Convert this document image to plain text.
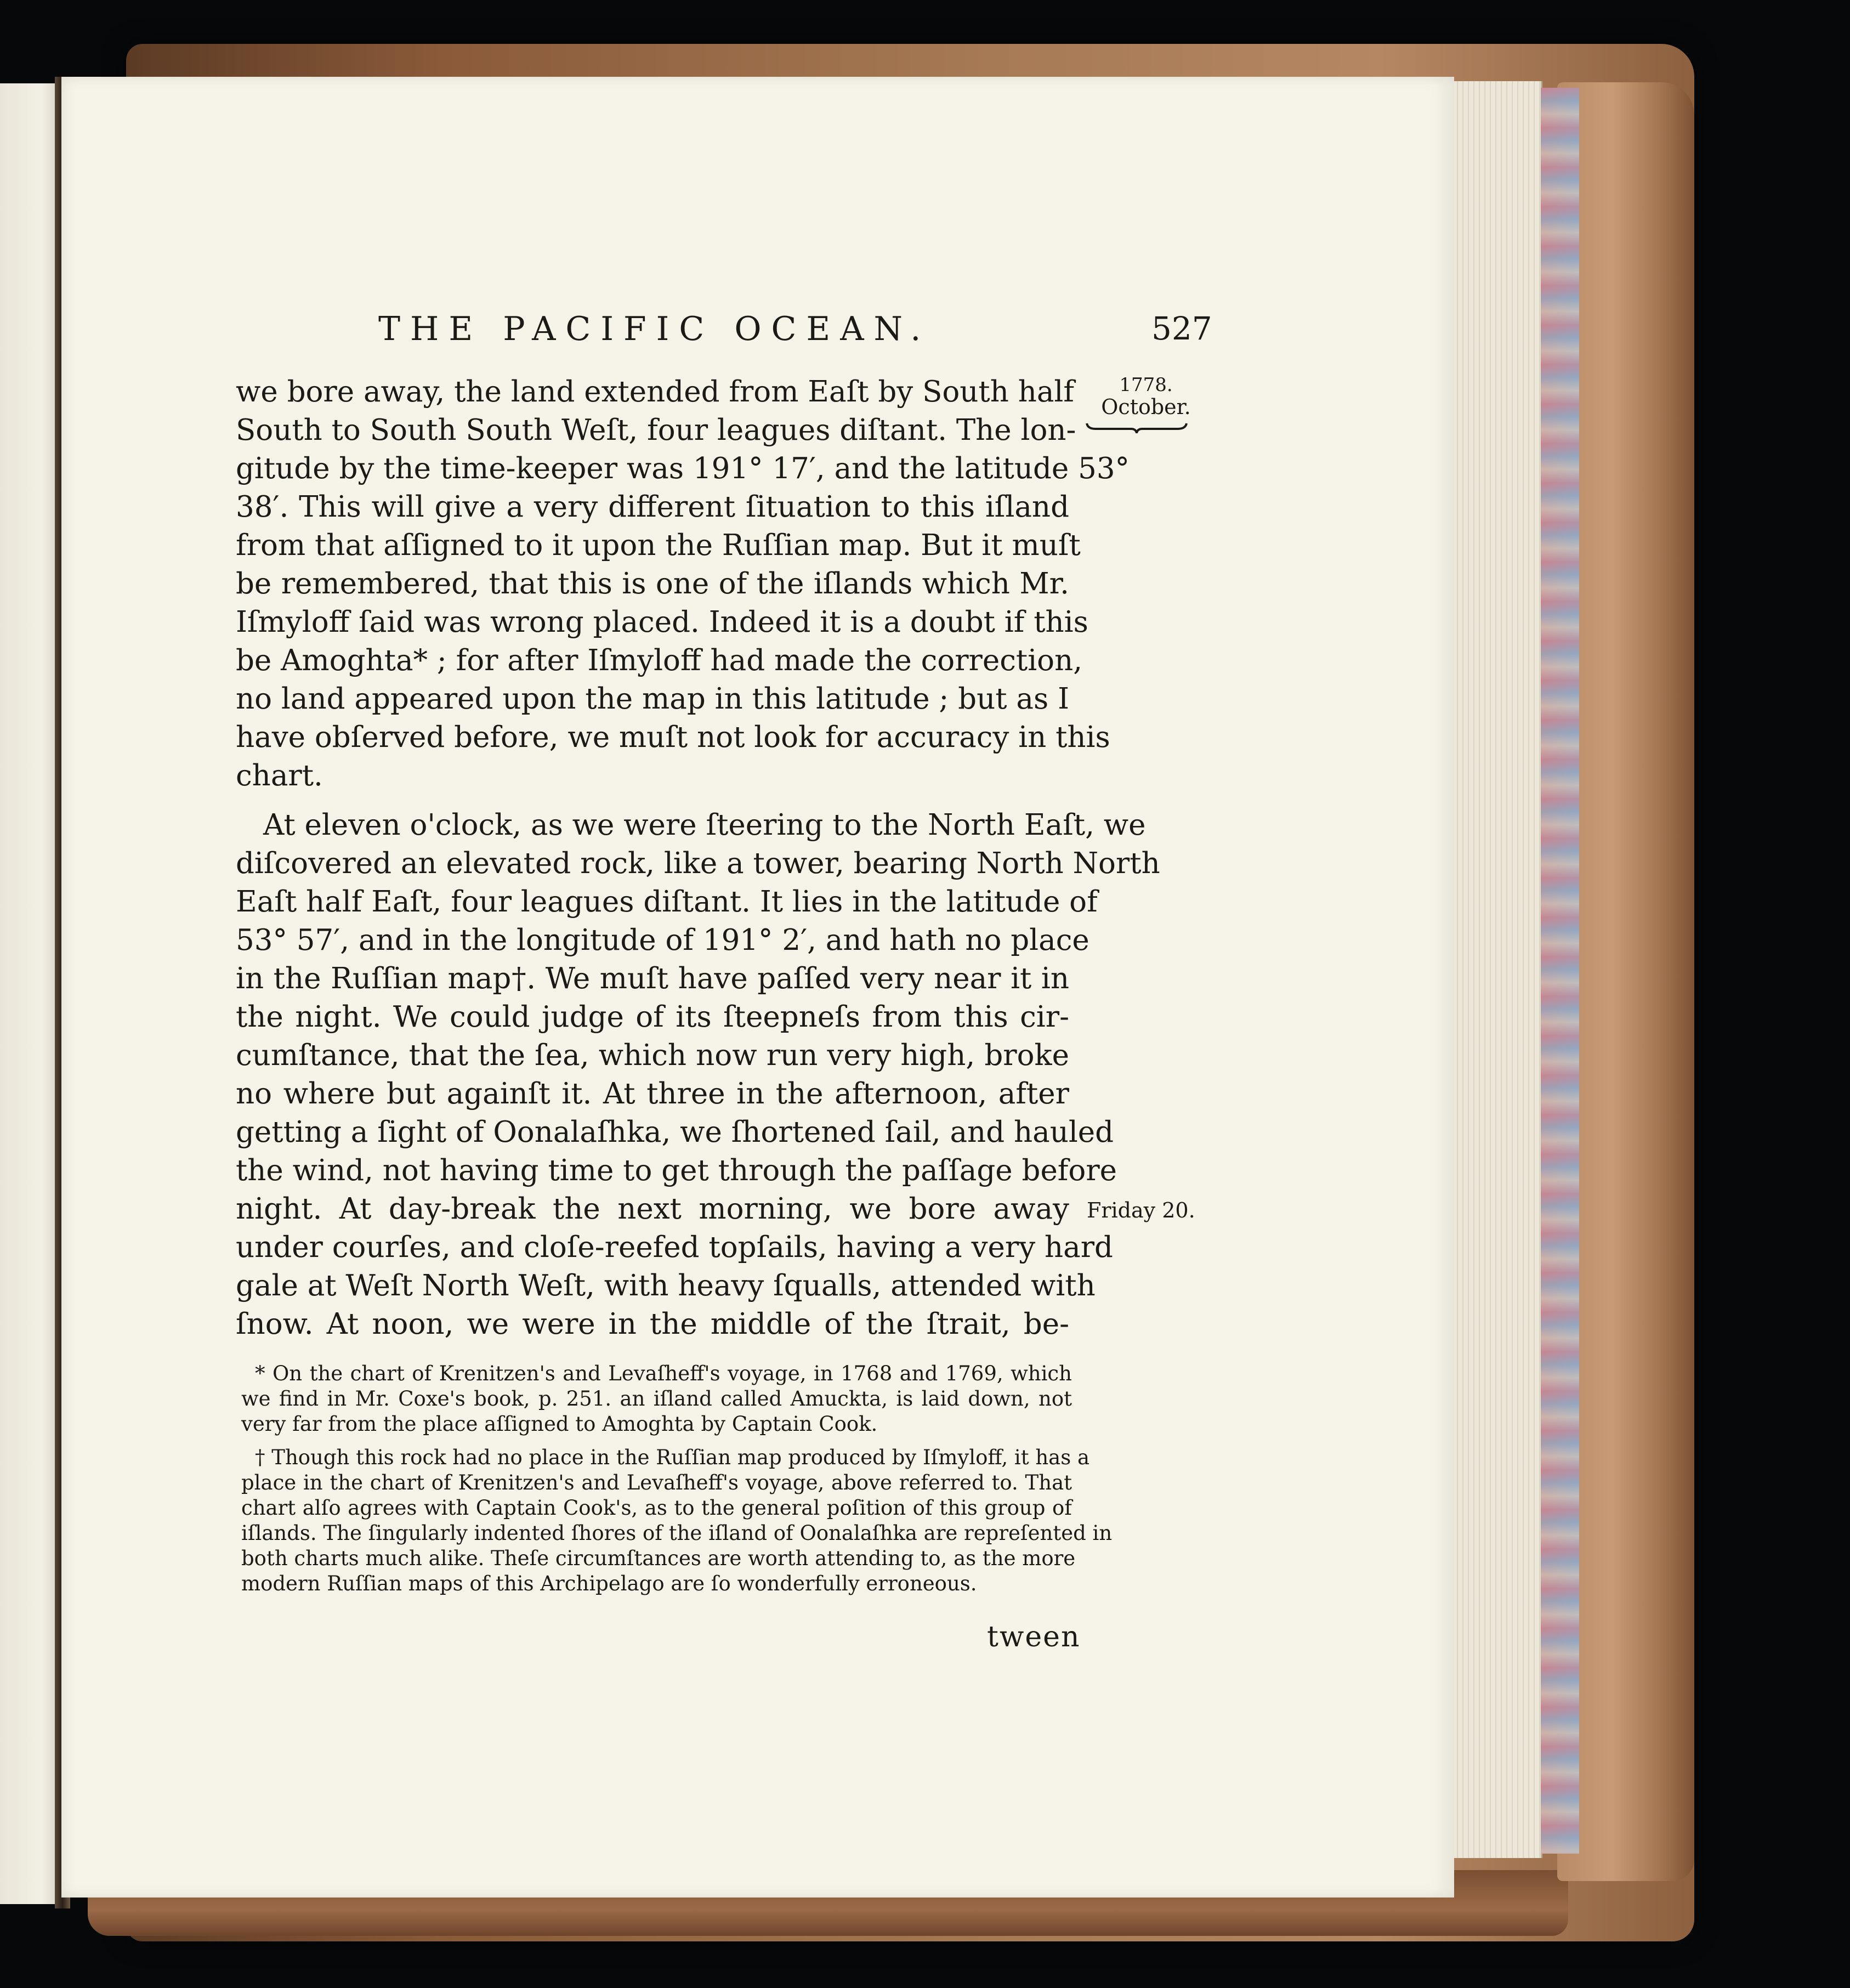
THE PACIFIC OCEAN.	527
1778.
October.
Friday 20.
we bore away, the land extended from Eaſt by South half
South to South South Weſt, four leagues diſtant. The lon-
gitude by the time-keeper was 191° 17′, and the latitude 53°
38′. This will give a very different ſituation to this iſland
from that aſſigned to it upon the Ruſſian map. But it muſt
be remembered, that this is one of the iſlands which Mr.
Iſmyloff ſaid was wrong placed. Indeed it is a doubt if this
be Amoghta* ; for after Iſmyloff had made the correction,
no land appeared upon the map in this latitude ; but as I
have obſerved before, we muſt not look for accuracy in this
chart.
At eleven o'clock, as we were ſteering to the North Eaſt, we
diſcovered an elevated rock, like a tower, bearing North North
Eaſt half Eaſt, four leagues diſtant. It lies in the latitude of
53° 57′, and in the longitude of 191° 2′, and hath no place
in the Ruſſian map†. We muſt have paſſed very near it in
the night. We could judge of its ſteepneſs from this cir-
cumſtance, that the ſea, which now run very high, broke
no where but againſt it. At three in the afternoon, after
getting a ſight of Oonalaſhka, we ſhortened ſail, and hauled
the wind, not having time to get through the paſſage before
night. At day-break the next morning, we bore away
under courſes, and cloſe-reefed topſails, having a very hard
gale at Weſt North Weſt, with heavy ſqualls, attended with
ſnow. At noon, we were in the middle of the ſtrait, be-
* On the chart of Krenitzen's and Levaſheff's voyage, in 1768 and 1769, which
we find in Mr. Coxe's book, p. 251. an iſland called Amuckta, is laid down, not
very far from the place aſſigned to Amoghta by Captain Cook.
† Though this rock had no place in the Ruſſian map produced by Iſmyloff, it has a
place in the chart of Krenitzen's and Levaſheff's voyage, above referred to. That
chart alſo agrees with Captain Cook's, as to the general poſition of this group of
iſlands. The ſingularly indented ſhores of the iſland of Oonalaſhka are repreſented in
both charts much alike. Theſe circumſtances are worth attending to, as the more
modern Ruſſian maps of this Archipelago are ſo wonderfully erroneous.
tween
